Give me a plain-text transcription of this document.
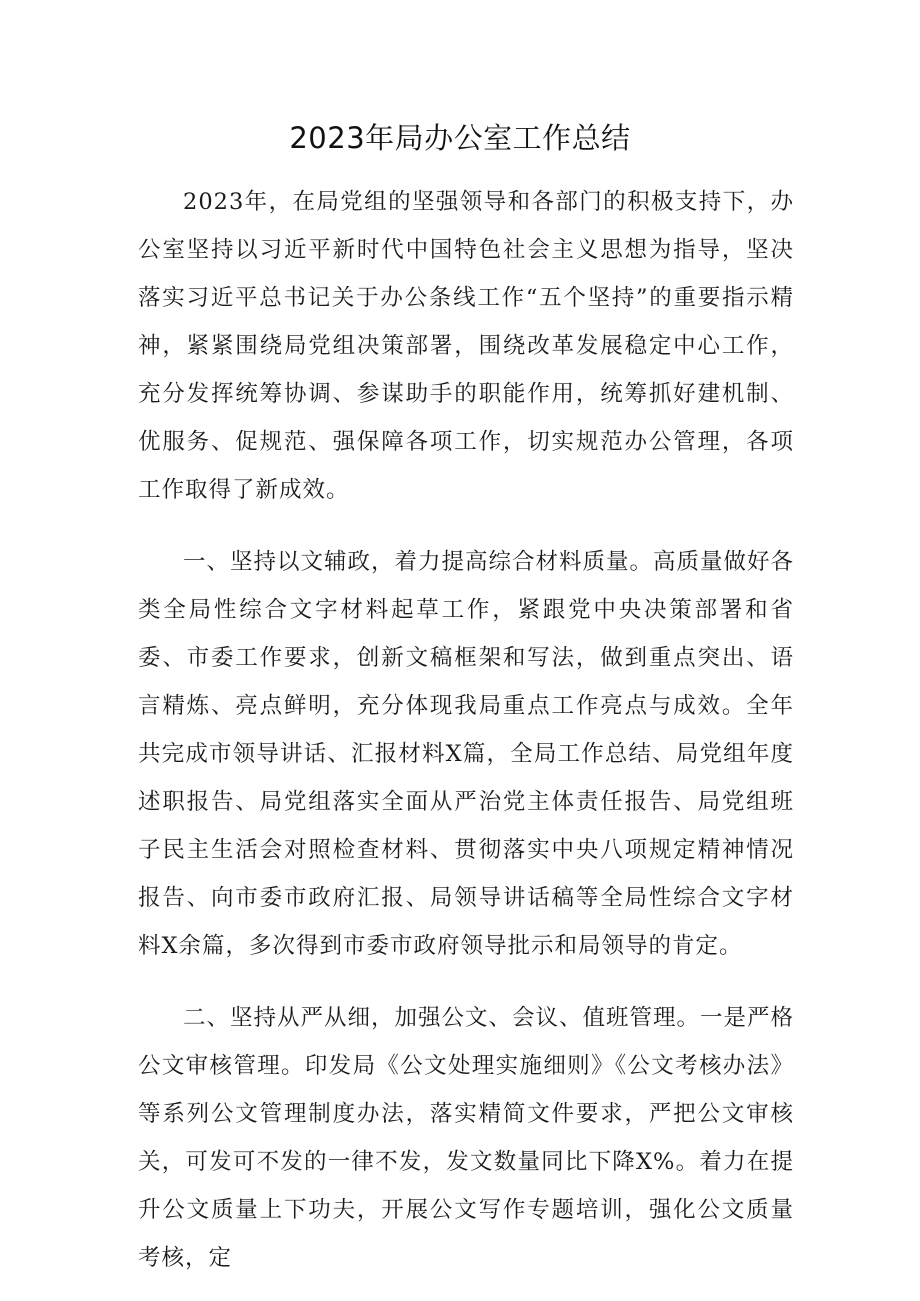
2023年局办公室工作总结

2023年，在局党组的坚强领导和各部门的积极支持下，办公室坚持以习近平新时代中国特色社会主义思想为指导，坚决落实习近平总书记关于办公条线工作“五个坚持”的重要指示精神，紧紧围绕局党组决策部署，围绕改革发展稳定中心工作，充分发挥统筹协调、参谋助手的职能作用，统筹抓好建机制、优服务、促规范、强保障各项工作，切实规范办公管理，各项工作取得了新成效。

一、坚持以文辅政，着力提高综合材料质量。高质量做好各类全局性综合文字材料起草工作，紧跟党中央决策部署和省委、市委工作要求，创新文稿框架和写法，做到重点突出、语言精炼、亮点鲜明，充分体现我局重点工作亮点与成效。全年共完成市领导讲话、汇报材料X篇，全局工作总结、局党组年度述职报告、局党组落实全面从严治党主体责任报告、局党组班子民主生活会对照检查材料、贯彻落实中央八项规定精神情况报告、向市委市政府汇报、局领导讲话稿等全局性综合文字材料X余篇，多次得到市委市政府领导批示和局领导的肯定。

二、坚持从严从细，加强公文、会议、值班管理。一是严格公文审核管理。印发局《公文处理实施细则》《公文考核办法》等系列公文管理制度办法，落实精简文件要求，严把公文审核关，可发可不发的一律不发，发文数量同比下降X%。着力在提升公文质量上下功夫，开展公文写作专题培训，强化公文质量考核，定
